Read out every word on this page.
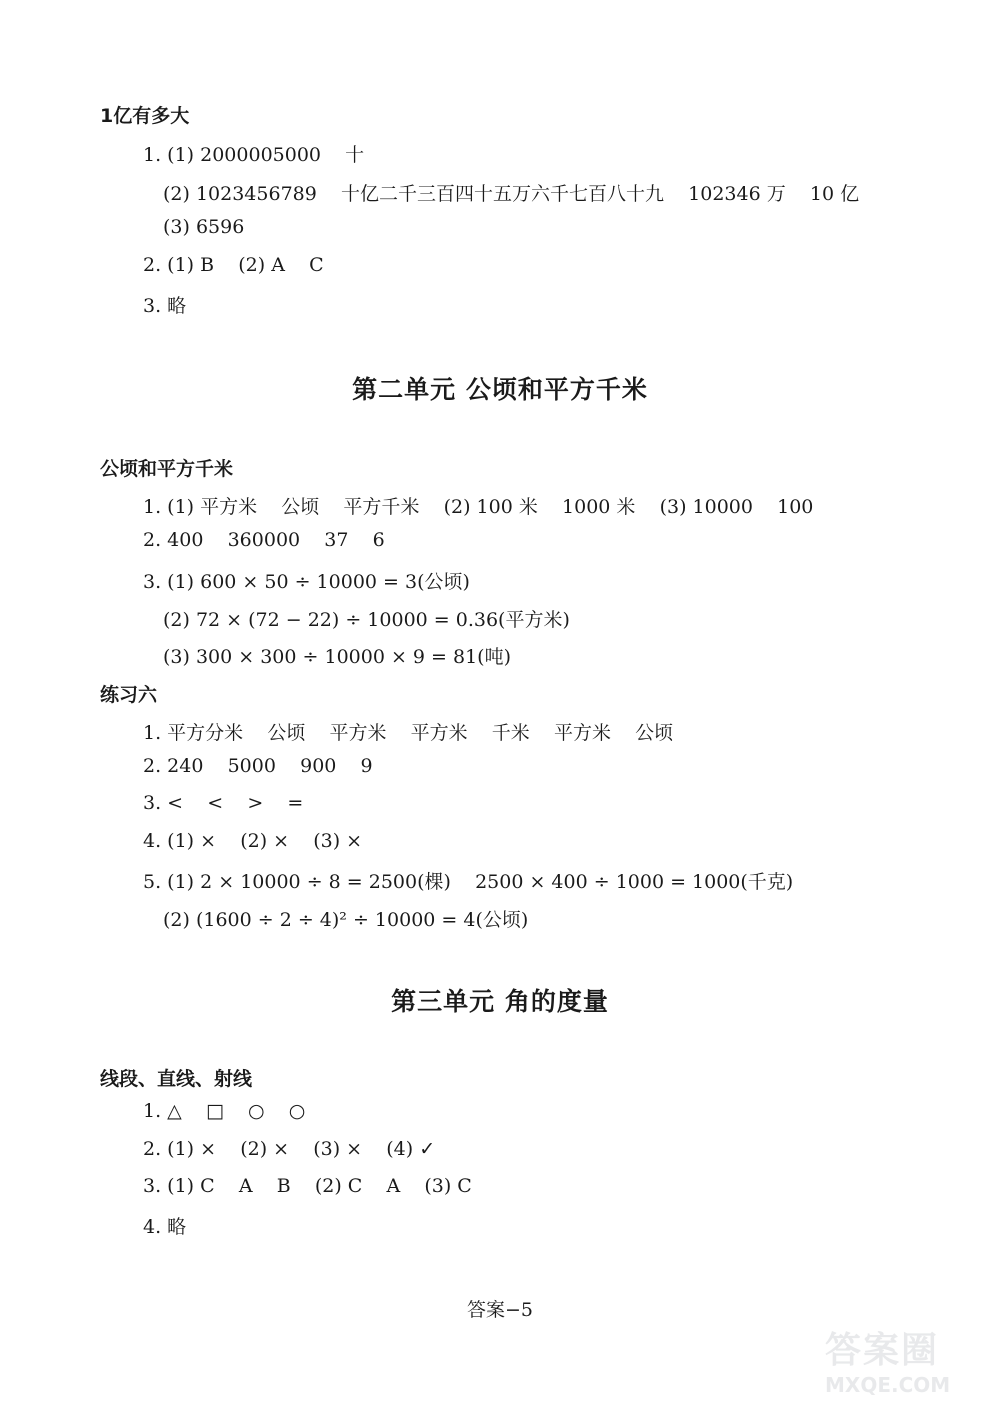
1亿有多大
1. (1) 2000005000    十
(2) 1023456789    十亿二千三百四十五万六千七百八十九    102346 万    10 亿
(3) 6596
2. (1) B    (2) A    C
3. 略
第二单元 公顷和平方千米
公顷和平方千米
1. (1) 平方米    公顷    平方千米    (2) 100 米    1000 米    (3) 10000    100
2. 400    360000    37    6
3. (1) 600 × 50 ÷ 10000 = 3(公顷)
(2) 72 × (72 − 22) ÷ 10000 = 0.36(平方米)
(3) 300 × 300 ÷ 10000 × 9 = 81(吨)
练习六
1. 平方分米    公顷    平方米    平方米    千米    平方米    公顷
2. 240    5000    900    9
3. <    <    >    =
4. (1) ×    (2) ×    (3) ×
5. (1) 2 × 10000 ÷ 8 = 2500(棵)    2500 × 400 ÷ 1000 = 1000(千克)
(2) (1600 ÷ 2 ÷ 4)² ÷ 10000 = 4(公顷)
第三单元 角的度量
线段、直线、射线
1. △    □    ○    ○
2. (1) ×    (2) ×    (3) ×    (4) ✓
3. (1) C    A    B    (2) C    A    (3) C
4. 略
答案−5
答案圈
MXQE.COM
